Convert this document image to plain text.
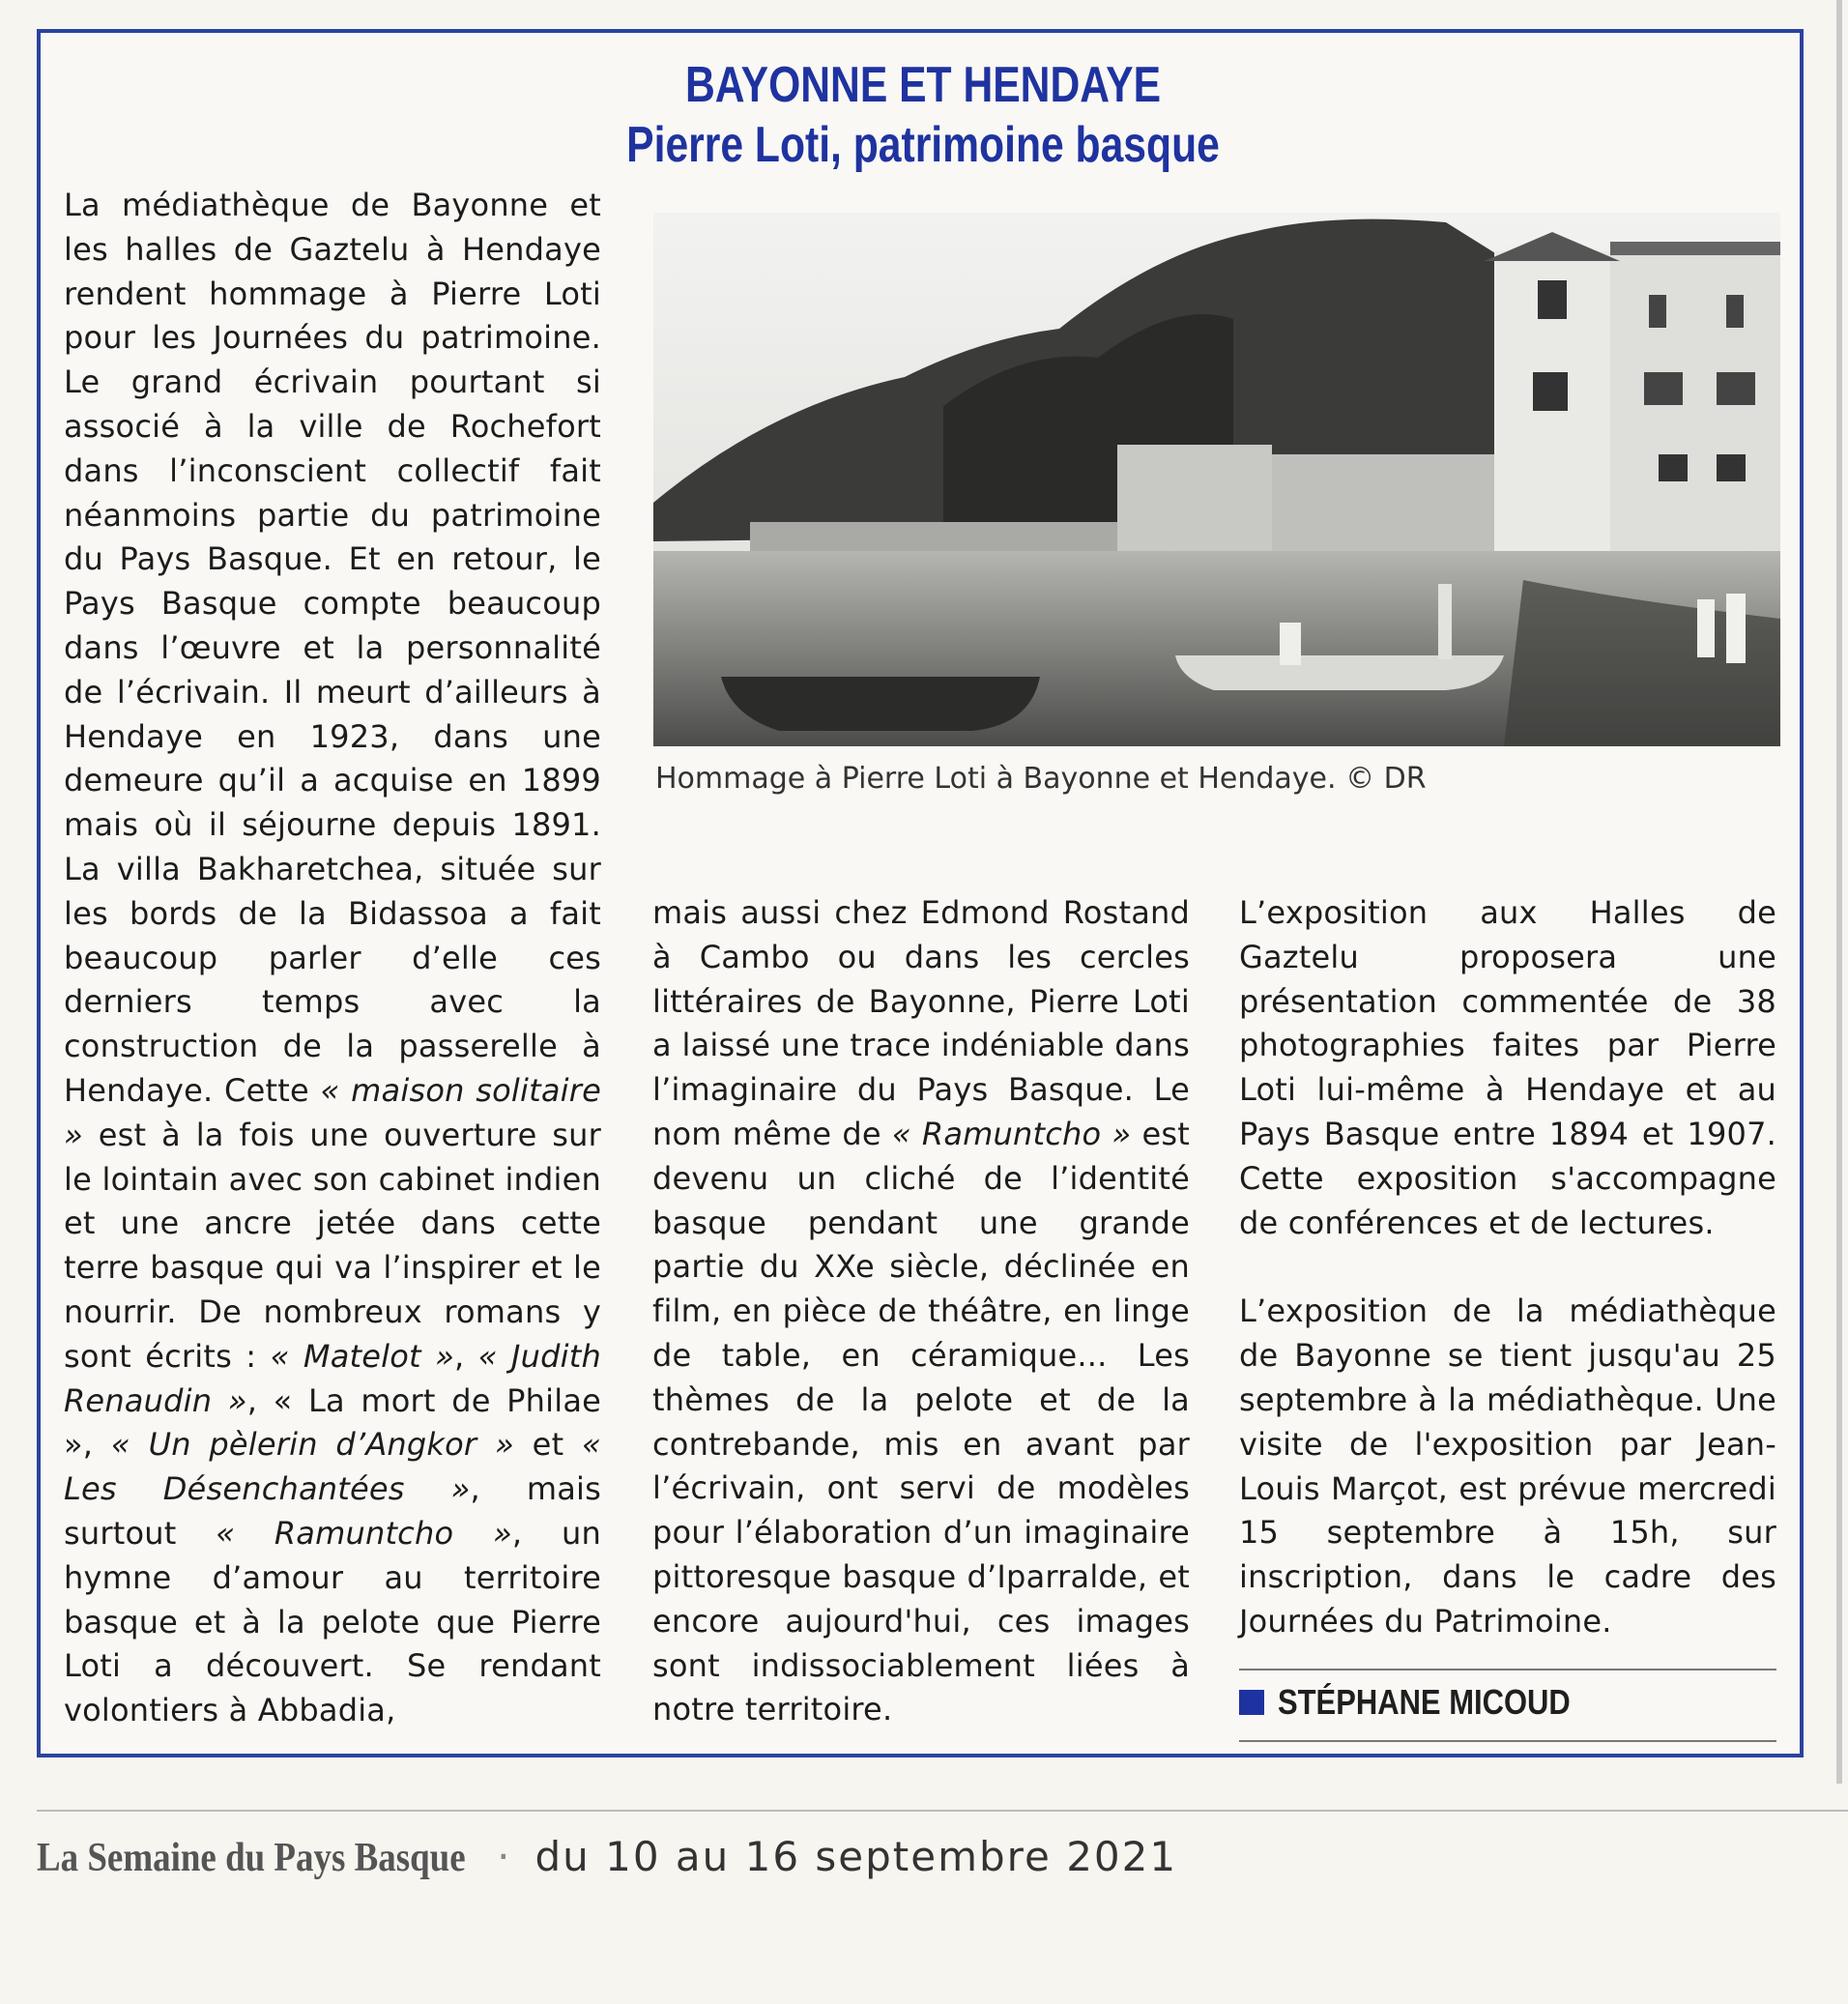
BAYONNE ET HENDAYE
Pierre Loti, patrimoine basque

La médiathèque de Bayonne et les halles de Gaztelu à Hendaye rendent hommage à Pierre Loti pour les Journées du patrimoine. Le grand écrivain pourtant si associé à la ville de Rochefort dans l’inconscient collectif fait néanmoins partie du patrimoine du Pays Basque. Et en retour, le Pays Basque compte beaucoup dans l’œuvre et la personnalité de l’écrivain. Il meurt d’ailleurs à Hendaye en 1923, dans une demeure qu’il a acquise en 1899 mais où il séjourne depuis 1891. La villa Bakharetchea, située sur les bords de la Bidassoa a fait beaucoup parler d’elle ces derniers temps avec la construction de la passerelle à Hendaye. Cette « maison solitaire » est à la fois une ouverture sur le lointain avec son cabinet indien et une ancre jetée dans cette terre basque qui va l’inspirer et le nourrir. De nombreux romans y sont écrits : « Matelot », « Judith Renaudin », « La mort de Philae », « Un pèlerin d’Angkor » et « Les Désenchantées », mais surtout « Ramuntcho », un hymne d’amour au territoire basque et à la pelote que Pierre Loti a découvert. Se rendant volontiers à Abbadia,

Hommage à Pierre Loti à Bayonne et Hendaye. © DR

mais aussi chez Edmond Rostand à Cambo ou dans les cercles littéraires de Bayonne, Pierre Loti a laissé une trace indéniable dans l’imaginaire du Pays Basque. Le nom même de « Ramuntcho » est devenu un cliché de l’identité basque pendant une grande partie du XXe siècle, déclinée en film, en pièce de théâtre, en linge de table, en céramique... Les thèmes de la pelote et de la contrebande, mis en avant par l’écrivain, ont servi de modèles pour l’élaboration d’un imaginaire pittoresque basque d’Iparralde, et encore aujourd'hui, ces images sont indissociablement liées à notre territoire.

L’exposition aux Halles de Gaztelu proposera une présentation commentée de 38 photographies faites par Pierre Loti lui-même à Hendaye et au Pays Basque entre 1894 et 1907. Cette exposition s'accompagne de conférences et de lectures.

L’exposition de la médiathèque de Bayonne se tient jusqu'au 25 septembre à la médiathèque. Une visite de l'exposition par Jean-Louis Marçot, est prévue mercredi 15 septembre à 15h, sur inscription, dans le cadre des Journées du Patrimoine.

STÉPHANE MICOUD
La Semaine du Pays Basque · du 10 au 16 septembre 2021
